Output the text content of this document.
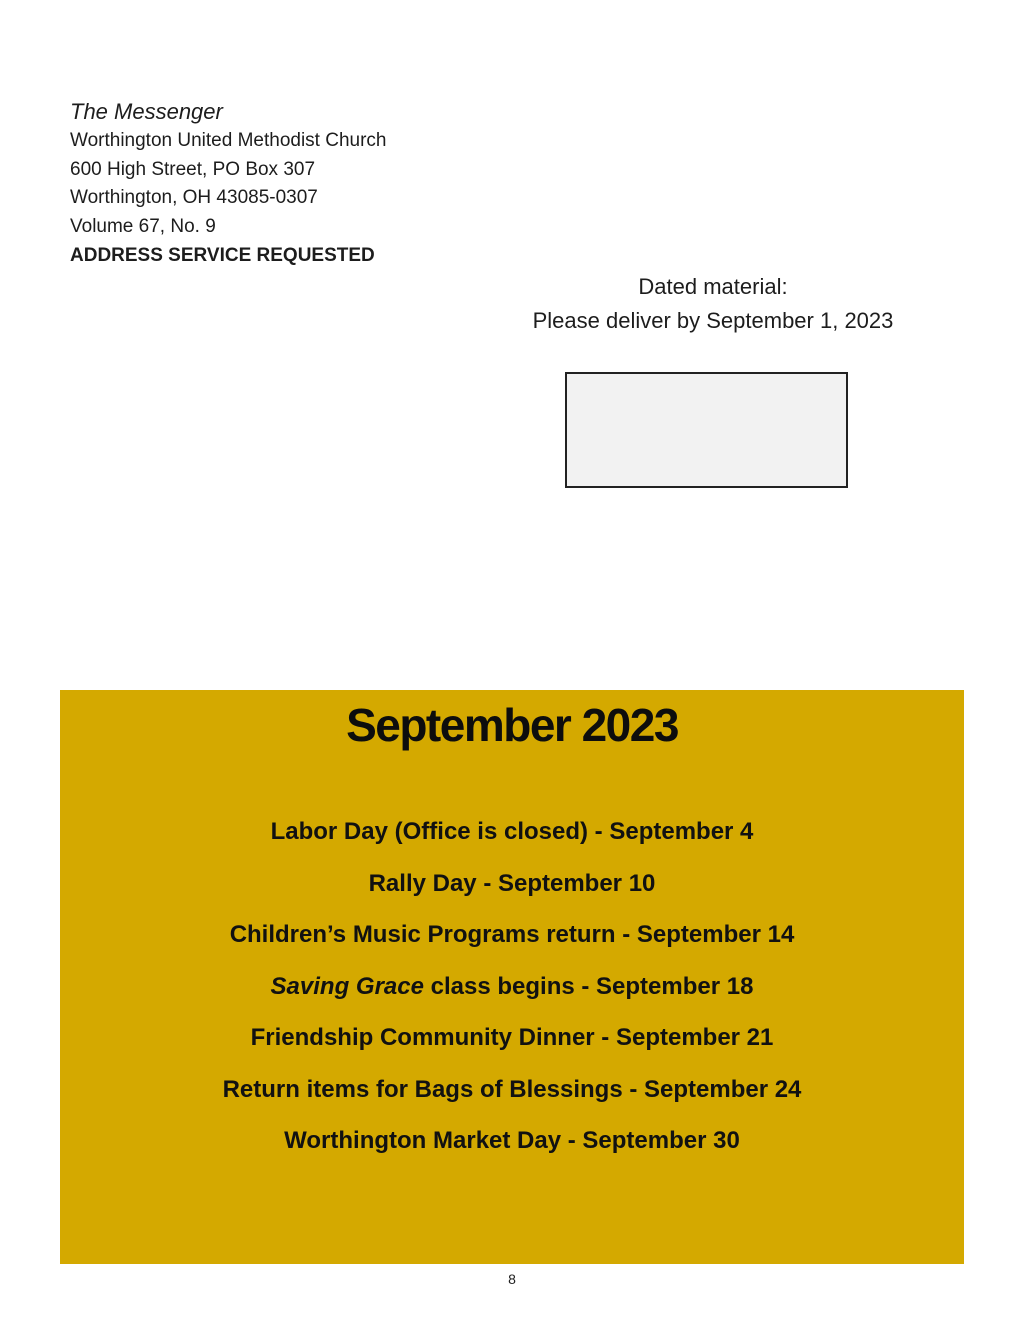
The Messenger
Worthington United Methodist Church
600 High Street, PO Box 307
Worthington, OH 43085-0307
Volume 67, No. 9
ADDRESS SERVICE REQUESTED
Dated material:
Please deliver by September 1, 2023
September 2023
Labor Day (Office is closed) - September 4
Rally Day - September 10
Children’s Music Programs return - September 14
Saving Grace class begins - September 18
Friendship Community Dinner - September 21
Return items for Bags of Blessings - September 24
Worthington Market Day - September 30
8
